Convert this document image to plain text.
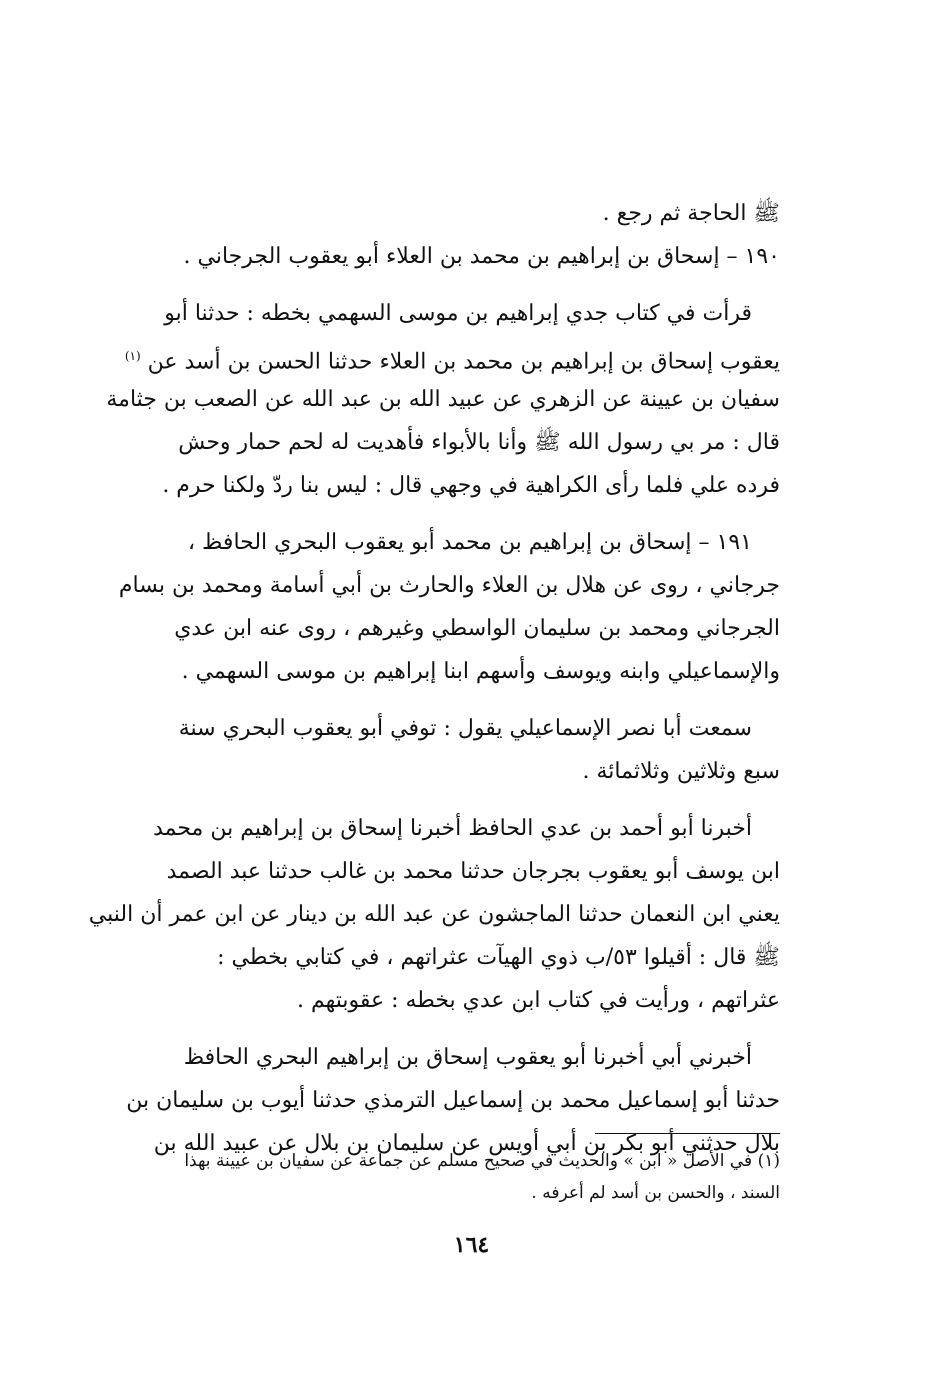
ﷺ الحاجة ثم رجع .
١٩٠ – إسحاق بن إبراهيم بن محمد بن العلاء أبو يعقوب الجرجاني .
قرأت في كتاب جدي إبراهيم بن موسى السهمي بخطه : حدثنا أبو
يعقوب إسحاق بن إبراهيم بن محمد بن العلاء حدثنا الحسن بن أسد عن $^{(١)}$
سفيان بن عيينة عن الزهري عن عبيد الله بن عبد الله عن الصعب بن جثامة
قال : مر بي رسول الله ﷺ وأنا بالأبواء فأهديت له لحم حمار وحش
فرده علي فلما رأى الكراهية في وجهي قال : ليس بنا ردّ ولكنا حرم .
١٩١ – إسحاق بن إبراهيم بن محمد أبو يعقوب البحري الحافظ ،
جرجاني ، روى عن هلال بن العلاء والحارث بن أبي أسامة ومحمد بن بسام
الجرجاني ومحمد بن سليمان الواسطي وغيرهم ، روى عنه ابن عدي
والإسماعيلي وابنه ويوسف وأسهم ابنا إبراهيم بن موسى السهمي .
سمعت أبا نصر الإسماعيلي يقول : توفي أبو يعقوب البحري سنة
سبع وثلاثين وثلاثمائة .
أخبرنا أبو أحمد بن عدي الحافظ أخبرنا إسحاق بن إبراهيم بن محمد
ابن يوسف أبو يعقوب بجرجان حدثنا محمد بن غالب حدثنا عبد الصمد
يعني ابن النعمان حدثنا الماجشون عن عبد الله بن دينار عن ابن عمر أن النبي
ﷺ قال : أقيلوا ٥٣/ب ذوي الهيآت عثراتهم ، في كتابي بخطي :
عثراتهم ، ورأيت في كتاب ابن عدي بخطه : عقوبتهم .
أخبرني أبي أخبرنا أبو يعقوب إسحاق بن إبراهيم البحري الحافظ
حدثنا أبو إسماعيل محمد بن إسماعيل الترمذي حدثنا أيوب بن سليمان بن
بلال حدثني أبو بكر بن أبي أويس عن سليمان بن بلال عن عبيد الله بن
(١) في الأصل « ابن » والحديث في صحيح مسلم عن جماعة عن سفيان بن عيينة بهذا
السند ، والحسن بن أسد لم أعرفه .
١٦٤
